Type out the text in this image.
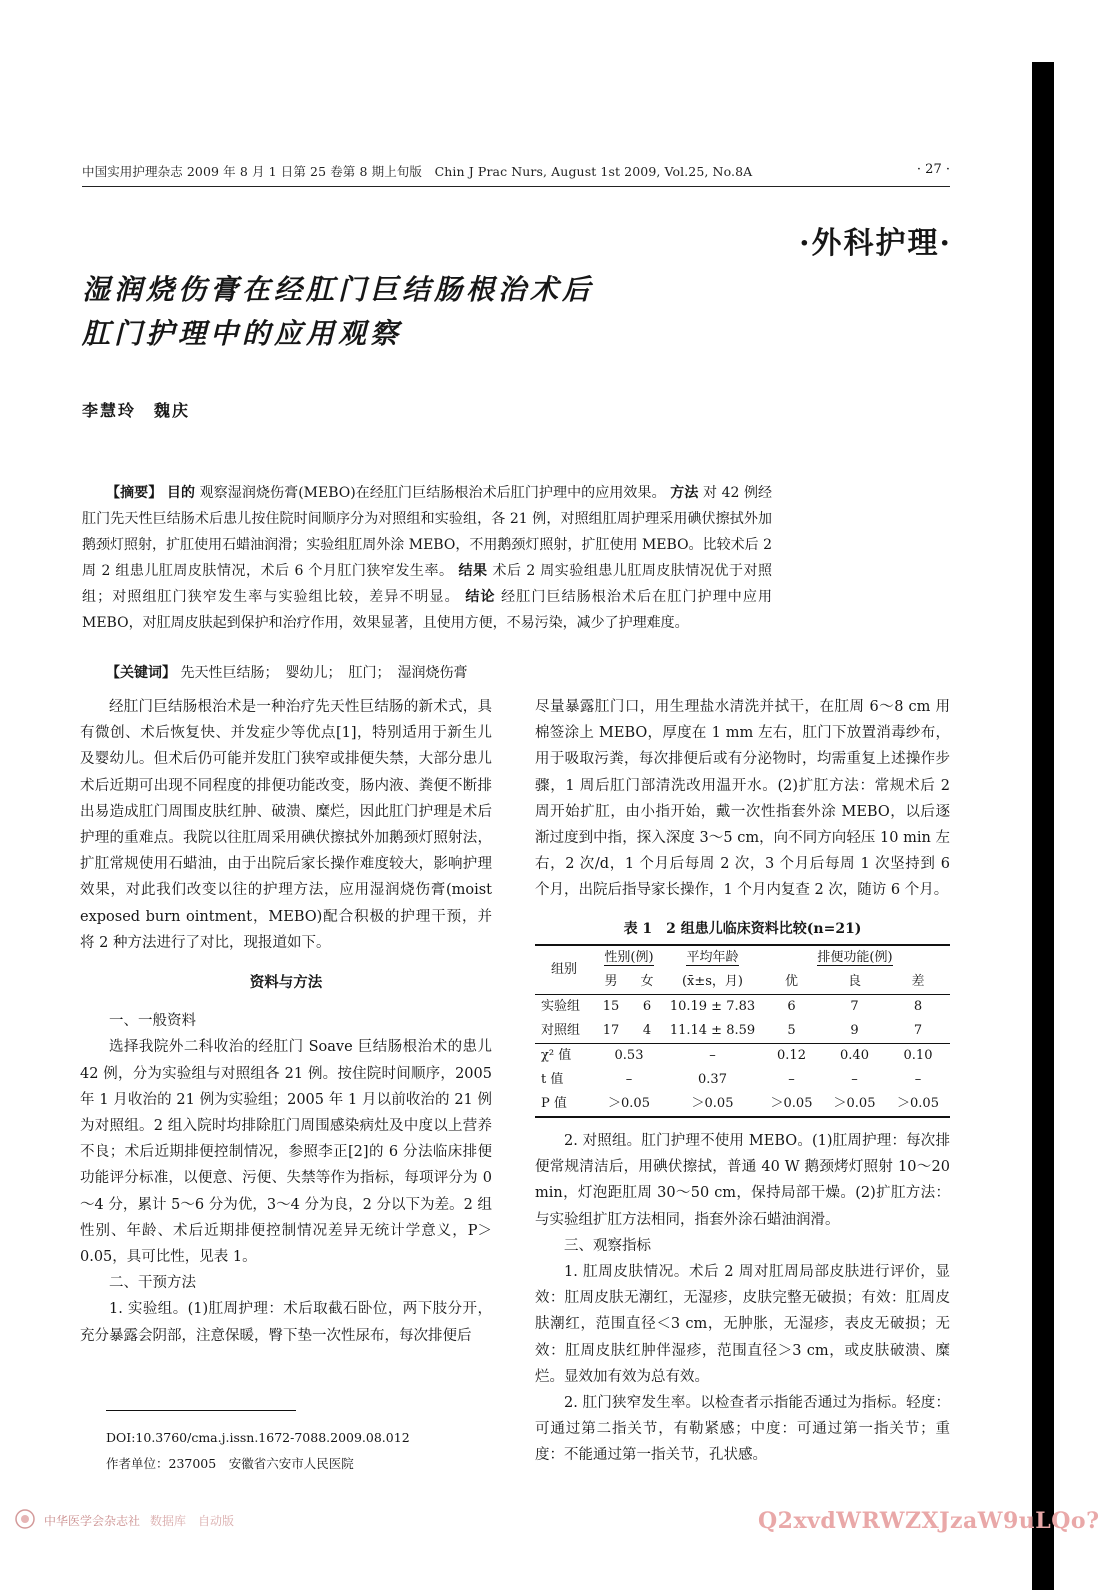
中国实用护理杂志 2009 年 8 月 1 日第 25 卷第 8 期上旬版　Chin J Prac Nurs, August 1st 2009, Vol.25, No.8A	· 27 ·
·外科护理·
湿润烧伤膏在经肛门巨结肠根治术后
肛门护理中的应用观察
李慧玲　魏庆
【摘要】 目的 观察湿润烧伤膏(MEBO)在经肛门巨结肠根治术后肛门护理中的应用效果。 方法 对 42 例经肛门先天性巨结肠术后患儿按住院时间顺序分为对照组和实验组，各 21 例，对照组肛周护理采用碘伏擦拭外加鹅颈灯照射，扩肛使用石蜡油润滑；实验组肛周外涂 MEBO，不用鹅颈灯照射，扩肛使用 MEBO。比较术后 2 周 2 组患儿肛周皮肤情况，术后 6 个月肛门狭窄发生率。 结果 术后 2 周实验组患儿肛周皮肤情况优于对照组；对照组肛门狭窄发生率与实验组比较，差异不明显。 结论 经肛门巨结肠根治术后在肛门护理中应用 MEBO，对肛周皮肤起到保护和治疗作用，效果显著，且使用方便，不易污染，减少了护理难度。
【关键词】 先天性巨结肠；　婴幼儿；　肛门；　湿润烧伤膏

经肛门巨结肠根治术是一种治疗先天性巨结肠的新术式，具有微创、术后恢复快、并发症少等优点[1]，特别适用于新生儿及婴幼儿。但术后仍可能并发肛门狭窄或排便失禁，大部分患儿术后近期可出现不同程度的排便功能改变，肠内液、粪便不断排出易造成肛门周围皮肤红肿、破溃、糜烂，因此肛门护理是术后护理的重难点。我院以往肛周采用碘伏擦拭外加鹅颈灯照射法，扩肛常规使用石蜡油，由于出院后家长操作难度较大，影响护理效果，对此我们改变以往的护理方法，应用湿润烧伤膏(moist exposed burn ointment，MEBO)配合积极的护理干预，并将 2 种方法进行了对比，现报道如下。

资料与方法

一、一般资料

选择我院外二科收治的经肛门 Soave 巨结肠根治术的患儿 42 例，分为实验组与对照组各 21 例。按住院时间顺序，2005 年 1 月收治的 21 例为实验组；2005 年 1 月以前收治的 21 例为对照组。2 组入院时均排除肛门周围感染病灶及中度以上营养不良；术后近期排便控制情况，参照李正[2]的 6 分法临床排便功能评分标准，以便意、污便、失禁等作为指标，每项评分为 0～4 分，累计 5～6 分为优，3～4 分为良，2 分以下为差。2 组性别、年龄、术后近期排便控制情况差异无统计学意义，P＞0.05，具可比性，见表 1。

二、干预方法

1. 实验组。(1)肛周护理：术后取截石卧位，两下肢分开，充分暴露会阴部，注意保暖，臀下垫一次性尿布，每次排便后

尽量暴露肛门口，用生理盐水清洗并拭干，在肛周 6～8 cm 用棉签涂上 MEBO，厚度在 1 mm 左右，肛门下放置消毒纱布，用于吸取污粪，每次排便后或有分泌物时，均需重复上述操作步骤，1 周后肛门部清洗改用温开水。(2)扩肛方法：常规术后 2 周开始扩肛，由小指开始，戴一次性指套外涂 MEBO，以后逐渐过度到中指，探入深度 3～5 cm，向不同方向轻压 10 min 左右，2 次/d，1 个月后每周 2 次，3 个月后每周 1 次坚持到 6 个月，出院后指导家长操作，1 个月内复查 2 次，随访 6 个月。

表 1　2 组患儿临床资料比较(n=21)
组别	性别(例)		平均年龄	排便功能(例)		
	男	女	(x̄±s，月)	优	良	差
实验组	15	6	10.19 ± 7.83	6	7	8
对照组	17	4	11.14 ± 8.59	5	9	7
χ² 值	0.53		–	0.12	0.40	0.10
t 值	–		0.37	–	–	–
P 值	＞0.05		＞0.05	＞0.05	＞0.05	＞0.05

2. 对照组。肛门护理不使用 MEBO。(1)肛周护理：每次排便常规清洁后，用碘伏擦拭，普通 40 W 鹅颈烤灯照射 10～20 min，灯泡距肛周 30～50 cm，保持局部干燥。(2)扩肛方法：与实验组扩肛方法相同，指套外涂石蜡油润滑。

三、观察指标

1. 肛周皮肤情况。术后 2 周对肛周局部皮肤进行评价，显效：肛周皮肤无潮红，无湿疹，皮肤完整无破损；有效：肛周皮肤潮红，范围直径＜3 cm，无肿胀，无湿疹，表皮无破损；无效：肛周皮肤红肿伴湿疹，范围直径＞3 cm，或皮肤破溃、糜烂。显效加有效为总有效。

2. 肛门狭窄发生率。以检查者示指能否通过为指标。轻度：可通过第二指关节，有勒紧感；中度：可通过第一指关节；重度：不能通过第一指关节，孔状感。

DOI:10.3760/cma.j.issn.1672-7088.2009.08.012
作者单位：237005　安徽省六安市人民医院
中华医学会杂志社 数据库　自动版	Q2xvdWRWZXJzaW9uLQo?
